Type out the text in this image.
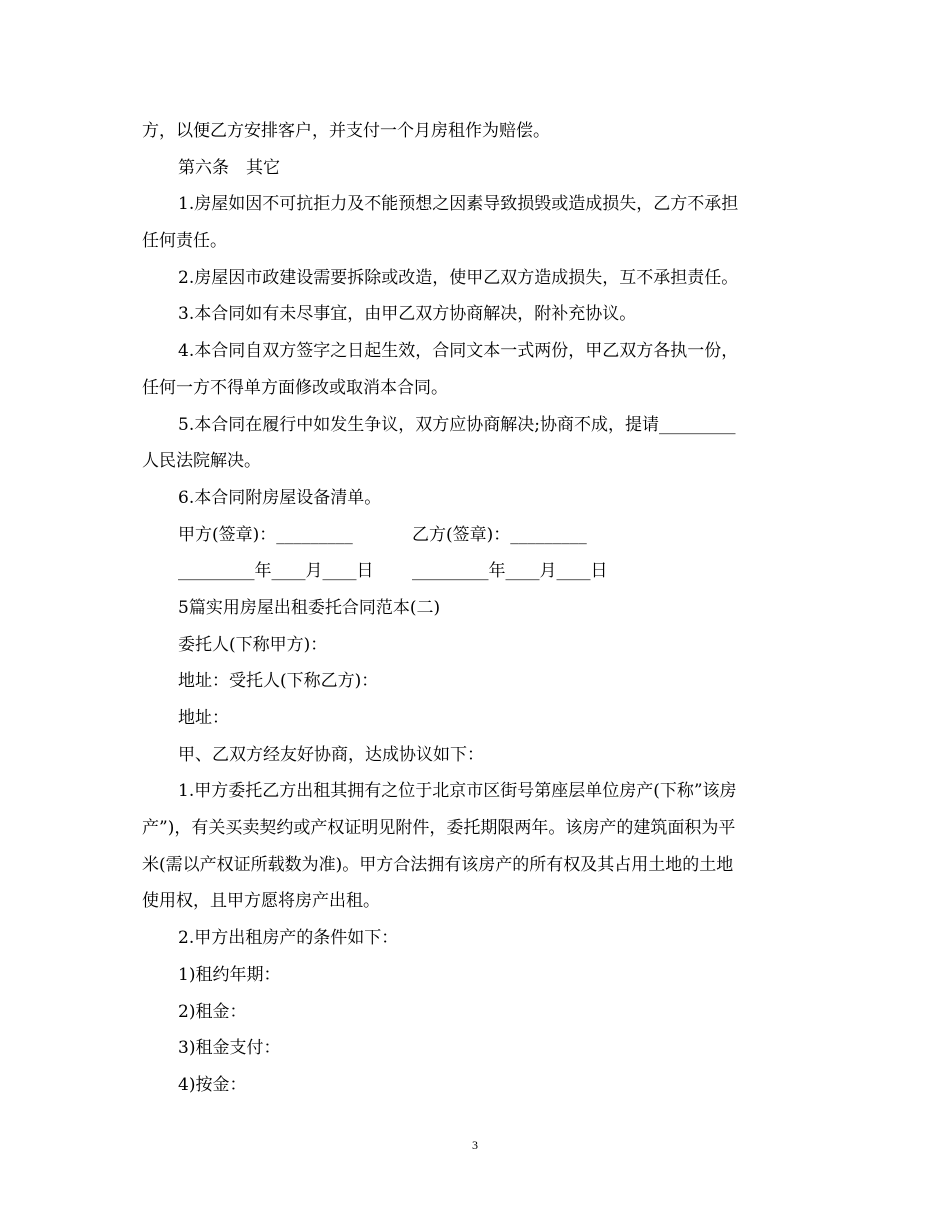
方，以便乙方安排客户，并支付一个月房租作为赔偿。
第六条　其它
1.房屋如因不可抗拒力及不能预想之因素导致损毁或造成损失，乙方不承担
任何责任。
2.房屋因市政建设需要拆除或改造，使甲乙双方造成损失，互不承担责任。
3.本合同如有未尽事宜，由甲乙双方协商解决，附补充协议。
4.本合同自双方签字之日起生效，合同文本一式两份，甲乙双方各执一份，
任何一方不得单方面修改或取消本合同。
5.本合同在履行中如发生争议，双方应协商解决;协商不成，提请_________
人民法院解决。
6.本合同附房屋设备清单。
甲方(签章)：_________	乙方(签章)：_________
_________年____月____日	_________年____月____日
5篇实用房屋出租委托合同范本(二)
委托人(下称甲方)：
地址：受托人(下称乙方)：
地址：
甲、乙双方经友好协商，达成协议如下：
1.甲方委托乙方出租其拥有之位于北京市区街号第座层单位房产(下称”该房
产”)，有关买卖契约或产权证明见附件，委托期限两年。该房产的建筑面积为平
米(需以产权证所载数为准)。甲方合法拥有该房产的所有权及其占用土地的土地
使用权，且甲方愿将房产出租。
2.甲方出租房产的条件如下：
1)租约年期：
2)租金：
3)租金支付：
4)按金：
3
